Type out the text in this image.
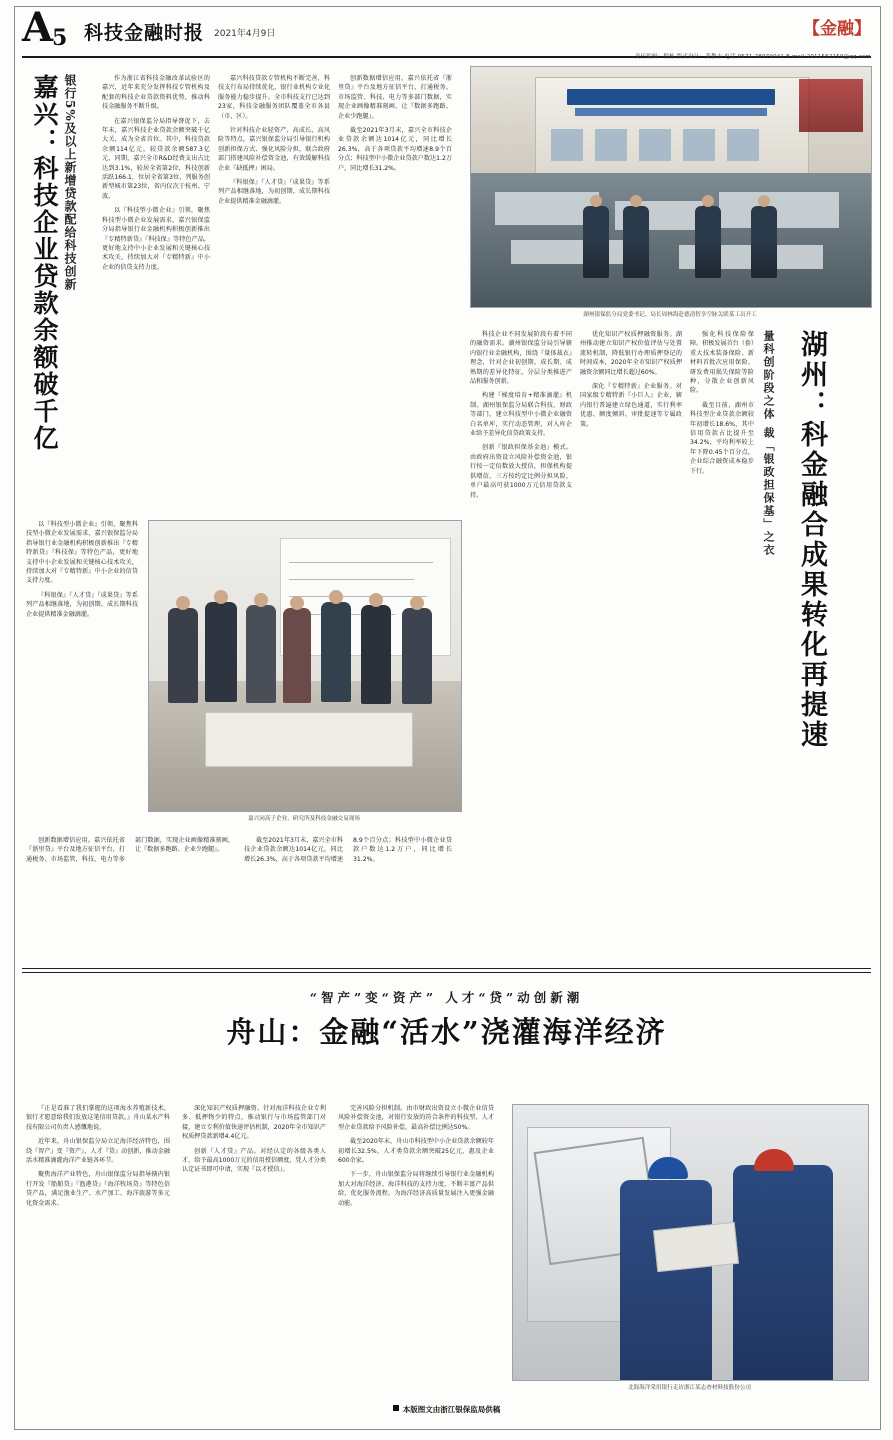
A5 科技金融时报 2021年4月9日	【金融】
责任编辑：程栋 版式设计：黄教丰 电话 0571-28979041 E-mail:2011562150@qq.com
嘉兴：科技企业贷款余额破千亿 银行5%及以上新增贷款配给科技创新	作为浙江省科技金融改革试验区的嘉兴，近年来充分发挥科技专管机构及配套的科技企业贷款资料优势，推动科技金融服务不断升级。

在嘉兴银保监分局指导督促下，去年末，嘉兴科技企业贷款余额突破千亿大关，成为全省首位。其中，科技贷款余额114亿元，较贷款余额587.3亿元，同期，嘉兴全市R&D经费支出占比达到3.1%，较居全省第2位，科技创新活跃166.1，位居全省第3位，列服务创新型城市第23位，省内仅次于杭州、宁波。

以『科技型小微企业』引领，聚焦科技型小微企业发展需求，嘉兴银保监分局指导银行业金融机构积极创新推出『专精特新贷』『科技保』等特色产品，更好地支持中小企业发展和关键核心技术攻关，持续加大对『专精特新』中小企业的信贷支持力度。

嘉兴科技贷款专管机构不断完善，科技支行布局持续优化，银行业机构专业化服务能力稳步提升。全市科技支行已达到23家，科技金融服务团队覆盖全市各县（市、区）。

针对科技企业轻资产、高成长、高风险等特点，嘉兴银保监分局引导银行机构创新担保方式、强化风险分担，联合政府部门搭建风险补偿资金池，有效缓解科技企业『缺抵押』困局。

『科银保』『人才贷』『成果贷』等系列产品相继落地，为初创期、成长期科技企业提供精准金融滴灌。

创新数据增信应用。嘉兴依托省『浙里贷』平台及地方征信平台，打通税务、市场监管、科技、电力等多部门数据，实现企业画像精准刻画，让『数据多跑路、企业少跑腿』。

截至2021年3月末，嘉兴全市科技企业贷款余额达1014亿元，同比增长26.3%，高于各项贷款平均增速8.9个百分点；科技型中小微企业贷款户数达1.2万户，同比增长31.2%。

湖州银保监分局党委书记、局长周林海赴德清智享空脉关联某工员开工
湖州：科金融合成果转化再提速
量科创阶段之体 裁「银政担保基」之衣

科技企业不同发展阶段有着不同的融资需求。湖州银保监分局引导辖内银行业金融机构，围绕『量体裁衣』理念，针对企业初创期、成长期、成熟期的差异化特征，分层分类推进产品和服务创新。

构建『梯度培育+精准滴灌』机制。湖州银保监分局联合科技、财政等部门，建立科技型中小微企业融资白名单库，实行动态管理，对入库企业给予差异化信贷政策支持。

创新『银政担保基金池』模式。由政府出资设立风险补偿资金池，银行按一定倍数放大授信，担保机构提供增信，三方按约定比例分担风险，单户最高可获1000万元信用贷款支持。

优化知识产权质押融资服务。湖州推动建立知识产权价值评估与处置流转机制，降低银行办理质押登记的时间成本，2020年全市知识产权质押融资余额同比增长超过60%。

深化『专精特新』企业服务。对国家级专精特新『小巨人』企业，辖内银行普遍建立绿色通道，实行利率优惠、额度倾斜、审批提速等专属政策。

强化科技保险保障。积极发展首台（套）重大技术装备保险、新材料首批次应用保险、研发费用损失保险等险种，分散企业创新风险。

截至目前，湖州市科技型企业贷款余额较年初增长18.6%，其中信用贷款占比提升至34.2%，平均利率较上年下降0.45个百分点，企业综合融资成本稳步下行。

以『科技型小微企业』引领，聚焦科技型小微企业发展需求，嘉兴银保监分局指导银行业金融机构积极创新推出『专精特新贷』『科技保』等特色产品，更好地支持中小企业发展和关键核心技术攻关，持续加大对『专精特新』中小企业的信贷支持力度。

『科银保』『人才贷』『成果贷』等系列产品相继落地，为初创期、成长期科技企业提供精准金融滴灌。

创新数据增信应用。嘉兴依托省『浙里贷』平台及地方征信平台，打通税务、市场监管、科技、电力等多部门数据，实现企业画像精准刻画，让『数据多跑路、企业少跑腿』。

截至2021年3月末，嘉兴全市科技企业贷款余额达1014亿元，同比增长26.3%，高于各项贷款平均增速8.9个百分点；科技型中小微企业贷款户数达1.2万户，同比增长31.2%。

嘉兴同高子企业、研究所及科技金融交易现场
“智产”变“资产” 人才“贷”动创新潮
舟山：金融“活水”浇灌海洋经济

『正是看准了我们掌握的这项海水养殖新技术，银行才愿意给我们发放这笔信用贷款。』舟山某水产科技有限公司负责人感慨地说。

近年来，舟山银保监分局立足海洋经济特色，围绕『智产』变『资产』、人才『贷』动创新，推动金融活水精准滴灌海洋产业链各环节。

聚焦海洋产业特色，舟山银保监分局指导辖内银行开发『船舶贷』『渔港贷』『海洋牧场贷』等特色信贷产品，满足渔业生产、水产加工、海洋旅游等多元化资金需求。

深化知识产权质押融资。针对海洋科技企业专利多、抵押物少的特点，推动银行与市场监管部门对接，建立专利价值快速评估机制，2020年全市知识产权质押贷款新增4.4亿元。

创新『人才贷』产品。对经认定的各级各类人才，给予最高1000万元的信用授信额度，凭人才分类认定证书即可申请，实现『以才授信』。

完善风险分担机制。由市财政出资设立小微企业信贷风险补偿资金池，对银行发放的符合条件的科技型、人才型企业贷款给予风险补偿，最高补偿比例达50%。

截至2020年末，舟山市科技型中小企业贷款余额较年初增长32.5%，人才类贷款余额突破25亿元，惠及企业600余家。

下一步，舟山银保监分局将继续引导银行业金融机构加大对海洋经济、海洋科技的支持力度，不断丰富产品供给，优化服务流程，为海洋经济高质量发展注入更强金融动能。

北海海洋采用银行走访浙江某志查材料技股份公司
本版图文由浙江银保监局供稿
